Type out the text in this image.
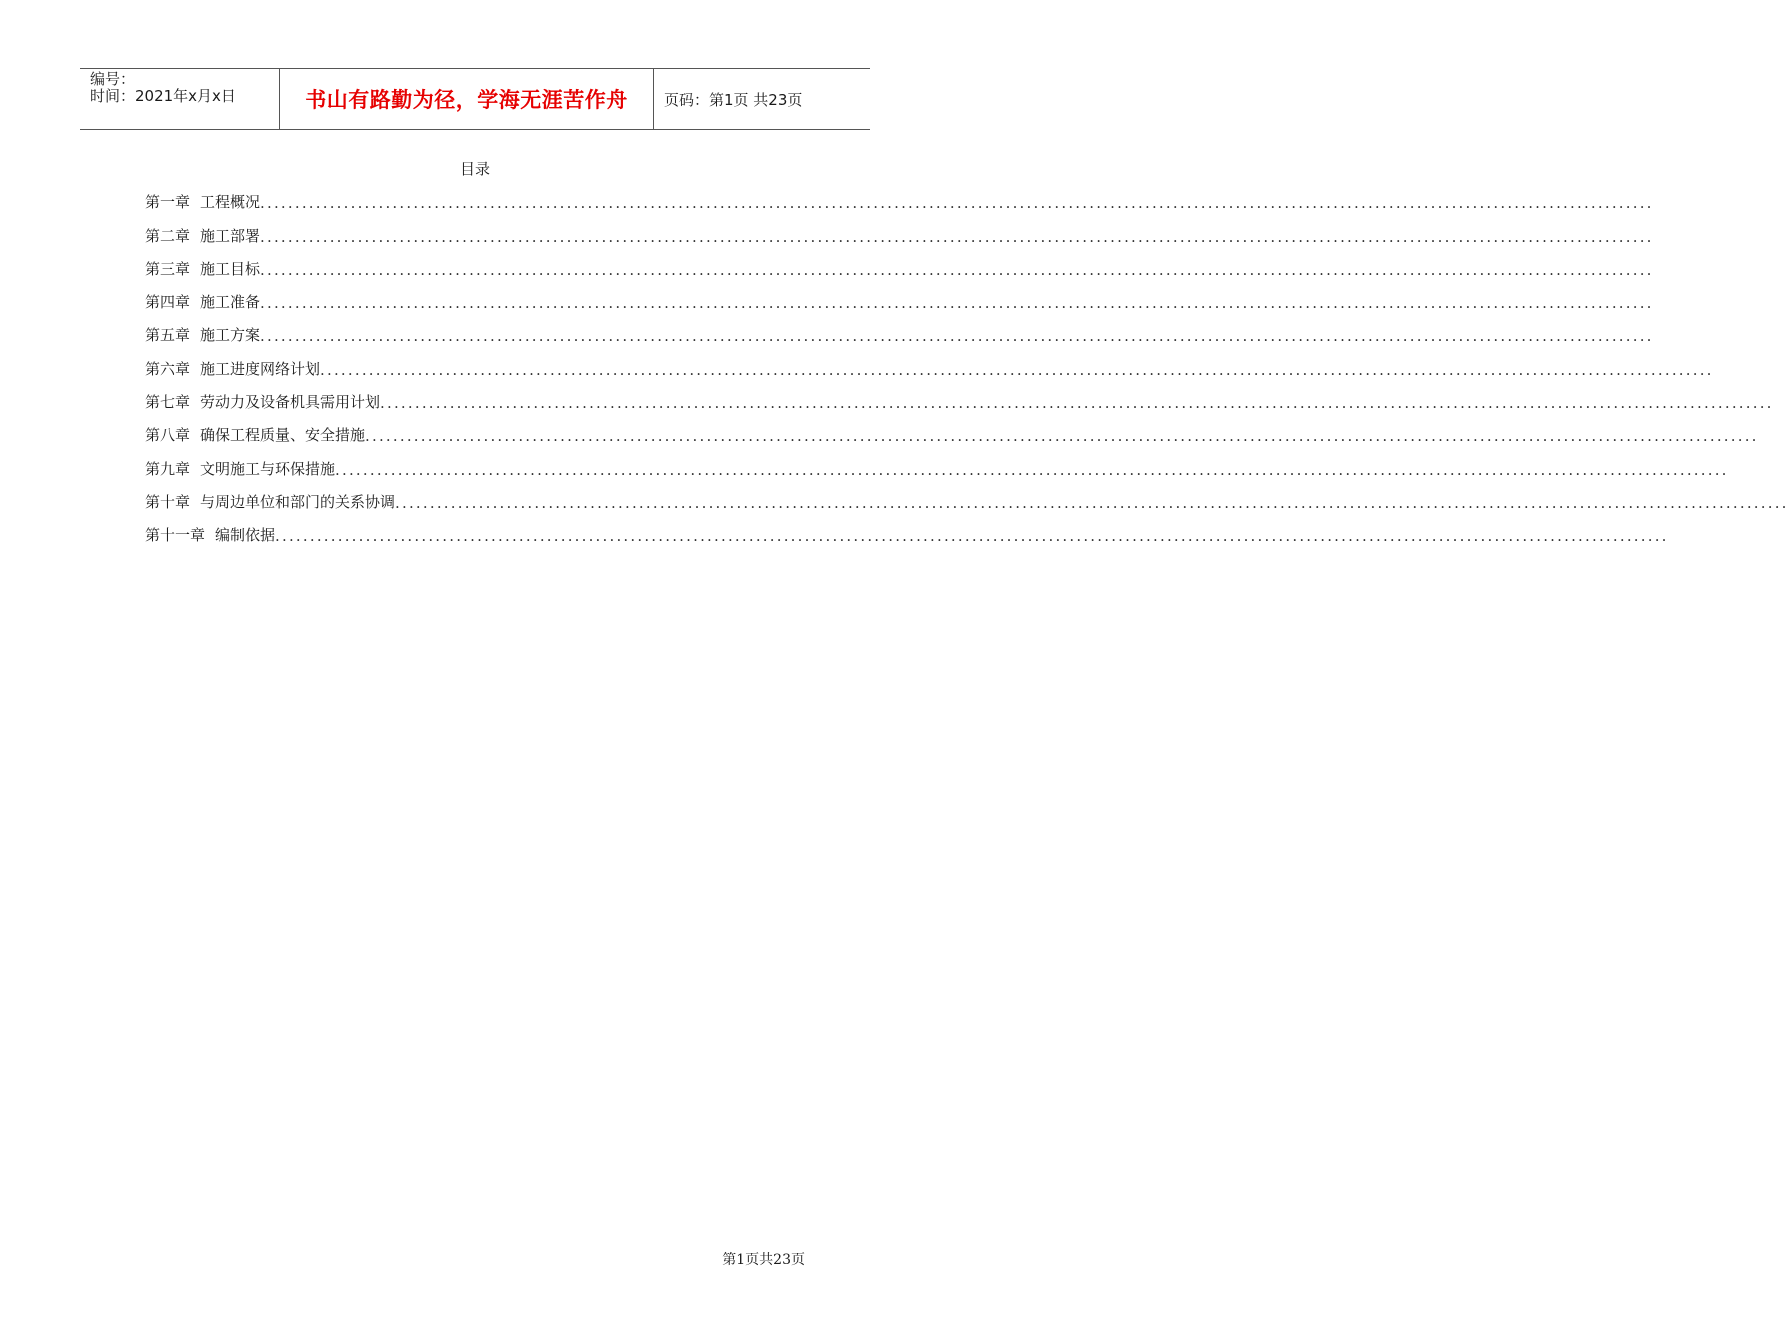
编号：
时间：2021年x月x日	书山有路勤为径，学海无涯苦作舟	页码：第1页 共23页
目录
第一章 工程概况 ........................................................................................................................................................................................................
第二章 施工部署 ........................................................................................................................................................................................................
第三章 施工目标 ........................................................................................................................................................................................................
第四章 施工准备 ........................................................................................................................................................................................................
第五章 施工方案 ........................................................................................................................................................................................................
第六章 施工进度网络计划 ........................................................................................................................................................................................................
第七章 劳动力及设备机具需用计划 ........................................................................................................................................................................................................
第八章 确保工程质量、安全措施 ........................................................................................................................................................................................................
第九章 文明施工与环保措施 ........................................................................................................................................................................................................
第十章 与周边单位和部门的关系协调 ........................................................................................................................................................................................................
第十一章 编制依据 ........................................................................................................................................................................................................
第1页共23页
